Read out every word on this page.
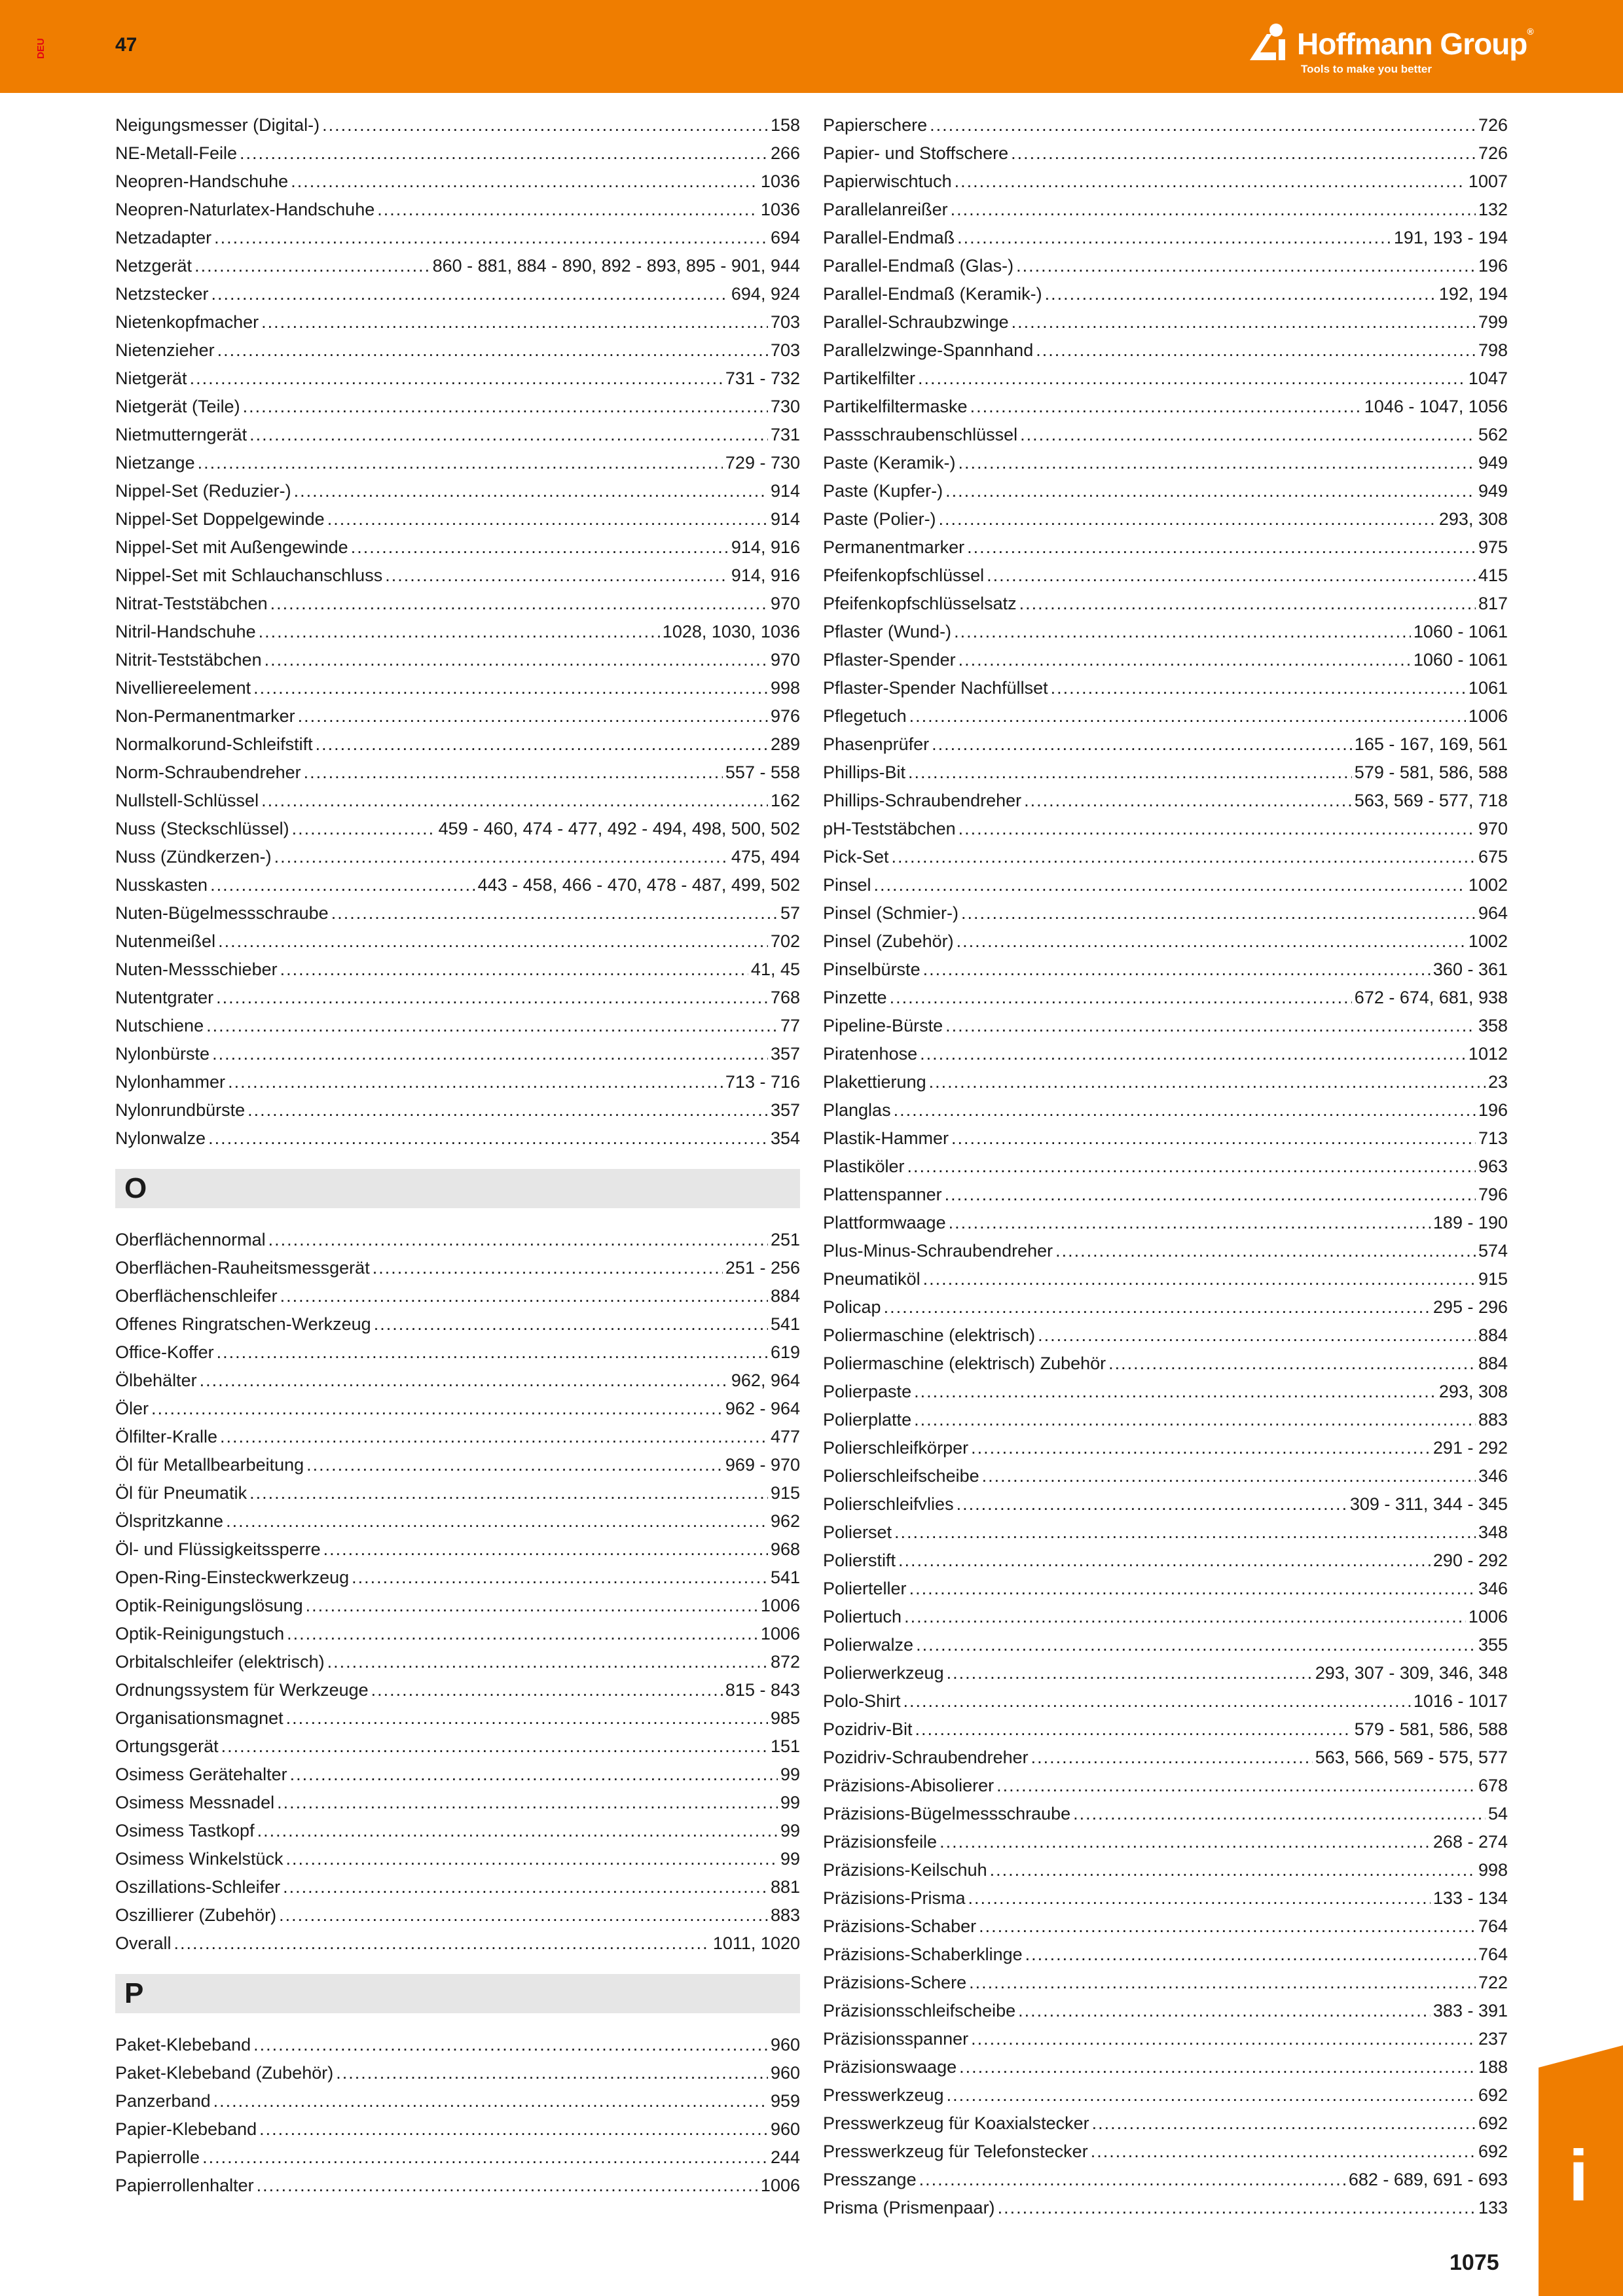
DEU	47	Hoffmann Group®
Tools to make you better
Neigungsmesser (Digital-) .....	158
NE-Metall-Feile .....	266
Neopren-Handschuhe .....	1036
Neopren-Naturlatex-Handschuhe .....	1036
Netzadapter .....	694
Netzgerät .....	860 - 881, 884 - 890, 892 - 893, 895 - 901, 944
Netzstecker .....	694, 924
Nietenkopfmacher .....	703
Nietenzieher .....	703
Nietgerät .....	731 - 732
Nietgerät (Teile) .....	730
Nietmutterngerät .....	731
Nietzange .....	729 - 730
Nippel-Set (Reduzier-) .....	914
Nippel-Set Doppelgewinde .....	914
Nippel-Set mit Außengewinde .....	914, 916
Nippel-Set mit Schlauchanschluss .....	914, 916
Nitrat-Teststäbchen .....	970
Nitril-Handschuhe .....	1028, 1030, 1036
Nitrit-Teststäbchen .....	970
Nivelliereelement .....	998
Non-Permanentmarker .....	976
Normalkorund-Schleifstift .....	289
Norm-Schraubendreher .....	557 - 558
Nullstell-Schlüssel .....	162
Nuss (Steckschlüssel) .....	459 - 460, 474 - 477, 492 - 494, 498, 500, 502
Nuss (Zündkerzen-) .....	475, 494
Nusskasten .....	443 - 458, 466 - 470, 478 - 487, 499, 502
Nuten-Bügelmessschraube .....	57
Nutenmeißel .....	702
Nuten-Messschieber .....	41, 45
Nutentgrater .....	768
Nutschiene .....	77
Nylonbürste .....	357
Nylonhammer .....	713 - 716
Nylonrundbürste .....	357
Nylonwalze .....	354
O
Oberflächennormal .....	251
Oberflächen-Rauheitsmessgerät .....	251 - 256
Oberflächenschleifer .....	884
Offenes Ringratschen-Werkzeug .....	541
Office-Koffer .....	619
Ölbehälter .....	962, 964
Öler .....	962 - 964
Ölfilter-Kralle .....	477
Öl für Metallbearbeitung .....	969 - 970
Öl für Pneumatik .....	915
Ölspritzkanne .....	962
Öl- und Flüssigkeitssperre .....	968
Open-Ring-Einsteckwerkzeug .....	541
Optik-Reinigungslösung .....	1006
Optik-Reinigungstuch .....	1006
Orbitalschleifer (elektrisch) .....	872
Ordnungssystem für Werkzeuge .....	815 - 843
Organisationsmagnet .....	985
Ortungsgerät .....	151
Osimess Gerätehalter .....	99
Osimess Messnadel .....	99
Osimess Tastkopf .....	99
Osimess Winkelstück .....	99
Oszillations-Schleifer .....	881
Oszillierer (Zubehör) .....	883
Overall .....	1011, 1020
P
Paket-Klebeband .....	960
Paket-Klebeband (Zubehör) .....	960
Panzerband .....	959
Papier-Klebeband .....	960
Papierrolle .....	244
Papierrollenhalter .....	1006
Papierschere .....	726
Papier- und Stoffschere .....	726
Papierwischtuch .....	1007
Parallelanreißer .....	132
Parallel-Endmaß .....	191, 193 - 194
Parallel-Endmaß (Glas-) .....	196
Parallel-Endmaß (Keramik-) .....	192, 194
Parallel-Schraubzwinge .....	799
Parallelzwinge-Spannhand .....	798
Partikelfilter .....	1047
Partikelfiltermaske .....	1046 - 1047, 1056
Passschraubenschlüssel .....	562
Paste (Keramik-) .....	949
Paste (Kupfer-) .....	949
Paste (Polier-) .....	293, 308
Permanentmarker .....	975
Pfeifenkopfschlüssel .....	415
Pfeifenkopfschlüsselsatz .....	817
Pflaster (Wund-) .....	1060 - 1061
Pflaster-Spender .....	1060 - 1061
Pflaster-Spender Nachfüllset .....	1061
Pflegetuch .....	1006
Phasenprüfer .....	165 - 167, 169, 561
Phillips-Bit .....	579 - 581, 586, 588
Phillips-Schraubendreher .....	563, 569 - 577, 718
pH-Teststäbchen .....	970
Pick-Set .....	675
Pinsel .....	1002
Pinsel (Schmier-) .....	964
Pinsel (Zubehör) .....	1002
Pinselbürste .....	360 - 361
Pinzette .....	672 - 674, 681, 938
Pipeline-Bürste .....	358
Piratenhose .....	1012
Plakettierung .....	23
Planglas .....	196
Plastik-Hammer .....	713
Plastiköler .....	963
Plattenspanner .....	796
Plattformwaage .....	189 - 190
Plus-Minus-Schraubendreher .....	574
Pneumatiköl .....	915
Policap .....	295 - 296
Poliermaschine (elektrisch) .....	884
Poliermaschine (elektrisch) Zubehör .....	884
Polierpaste .....	293, 308
Polierplatte .....	883
Polierschleifkörper .....	291 - 292
Polierschleifscheibe .....	346
Polierschleifvlies .....	309 - 311, 344 - 345
Polierset .....	348
Polierstift .....	290 - 292
Polierteller .....	346
Poliertuch .....	1006
Polierwalze .....	355
Polierwerkzeug .....	293, 307 - 309, 346, 348
Polo-Shirt .....	1016 - 1017
Pozidriv-Bit .....	579 - 581, 586, 588
Pozidriv-Schraubendreher .....	563, 566, 569 - 575, 577
Präzisions-Abisolierer .....	678
Präzisions-Bügelmessschraube .....	54
Präzisionsfeile .....	268 - 274
Präzisions-Keilschuh .....	998
Präzisions-Prisma .....	133 - 134
Präzisions-Schaber .....	764
Präzisions-Schaberklinge .....	764
Präzisions-Schere .....	722
Präzisionsschleifscheibe .....	383 - 391
Präzisionsspanner .....	237
Präzisionswaage .....	188
Presswerkzeug .....	692
Presswerkzeug für Koaxialstecker .....	692
Presswerkzeug für Telefonstecker .....	692
Presszange .....	682 - 689, 691 - 693
Prisma (Prismenpaar) .....	133 i
1075
